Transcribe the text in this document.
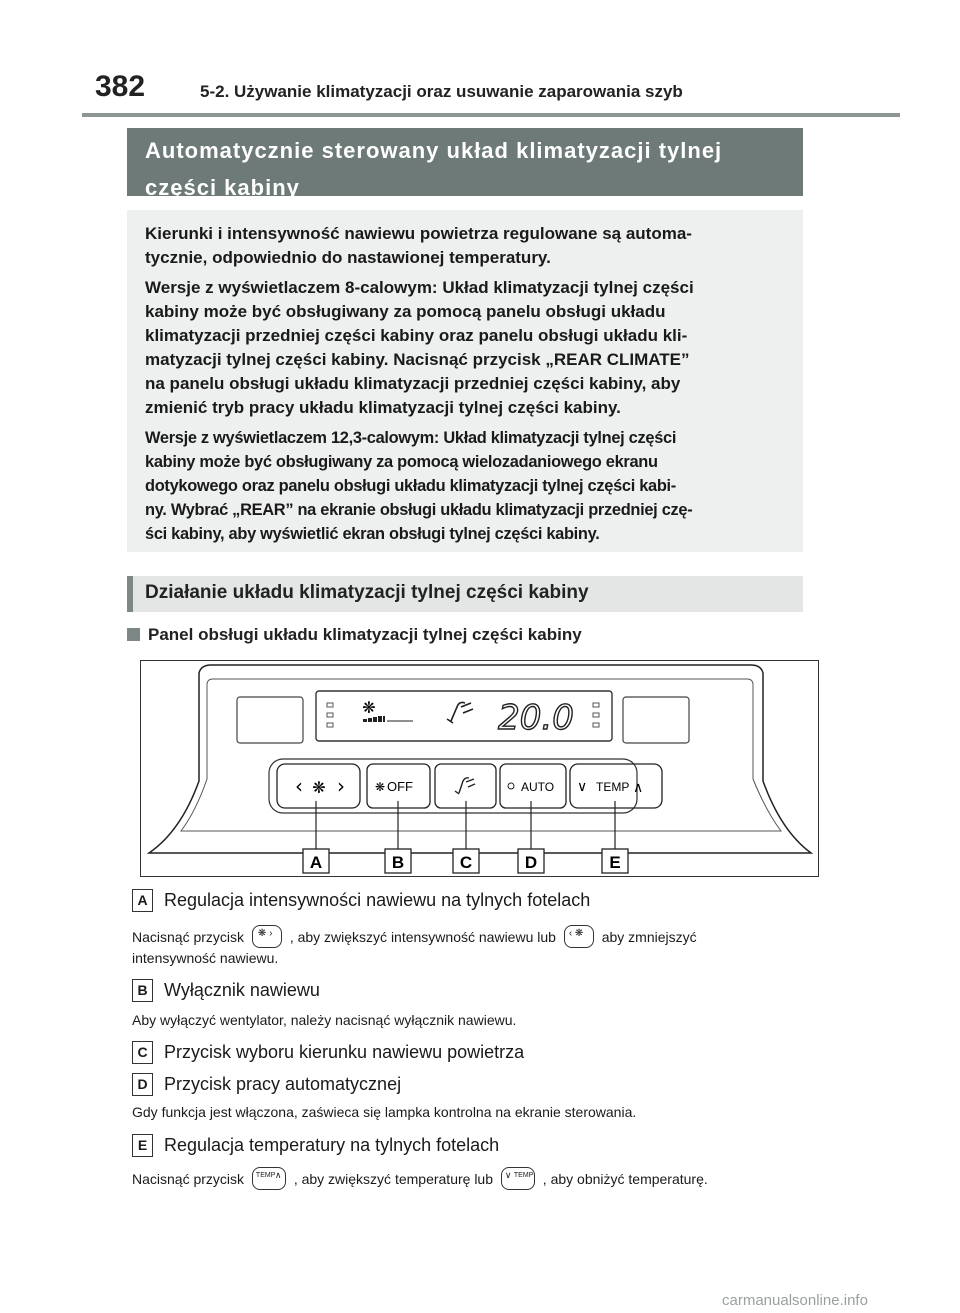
382	5-2. Używanie klimatyzacji oraz usuwanie zaparowania szyb
Automatycznie sterowany układ klimatyzacji tylnej
części kabiny

Kierunki i intensywność nawiewu powietrza regulowane są automa-

tycznie, odpowiednio do nastawionej temperatury.

Wersje z wyświetlaczem 8-calowym: Układ klimatyzacji tylnej części

kabiny może być obsługiwany za pomocą panelu obsługi układu

klimatyzacji przedniej części kabiny oraz panelu obsługi układu kli-

matyzacji tylnej części kabiny. Nacisnąć przycisk „REAR CLIMATE”

na panelu obsługi układu klimatyzacji przedniej części kabiny, aby

zmienić tryb pracy układu klimatyzacji tylnej części kabiny.

Wersje z wyświetlaczem 12,3-calowym: Układ klimatyzacji tylnej części

kabiny może być obsługiwany za pomocą wielozadaniowego ekranu

dotykowego oraz panelu obsługi układu klimatyzacji tylnej części kabi-

ny. Wybrać „REAR” na ekranie obsługi układu klimatyzacji przedniej czę-

ści kabiny, aby wyświetlić ekran obsługi tylnej części kabiny.

Działanie układu klimatyzacji tylnej części kabiny
Panel obsługi układu klimatyzacji tylnej części kabiny
❋	20.0
‹ ❋ ›	❋ OFF	AUTO ∨ TEMP ∧
A	B	C	D	E
A Regulacja intensywności nawiewu na tylnych fotelach
Nacisnąć przycisk ❋ › , aby zwiększyć intensywność nawiewu lub ‹ ❋ aby zmniejszyć
intensywność nawiewu.
B Wyłącznik nawiewu
Aby wyłączyć wentylator, należy nacisnąć wyłącznik nawiewu.
C Przycisk wyboru kierunku nawiewu powietrza
D Przycisk pracy automatycznej
Gdy funkcja jest włączona, zaświeca się lampka kontrolna na ekranie sterowania.
E Regulacja temperatury na tylnych fotelach
Nacisnąć przycisk TEMP ∧ , aby zwiększyć temperaturę lub ∨ TEMP , aby obniżyć temperaturę.
carmanualsonline.info
